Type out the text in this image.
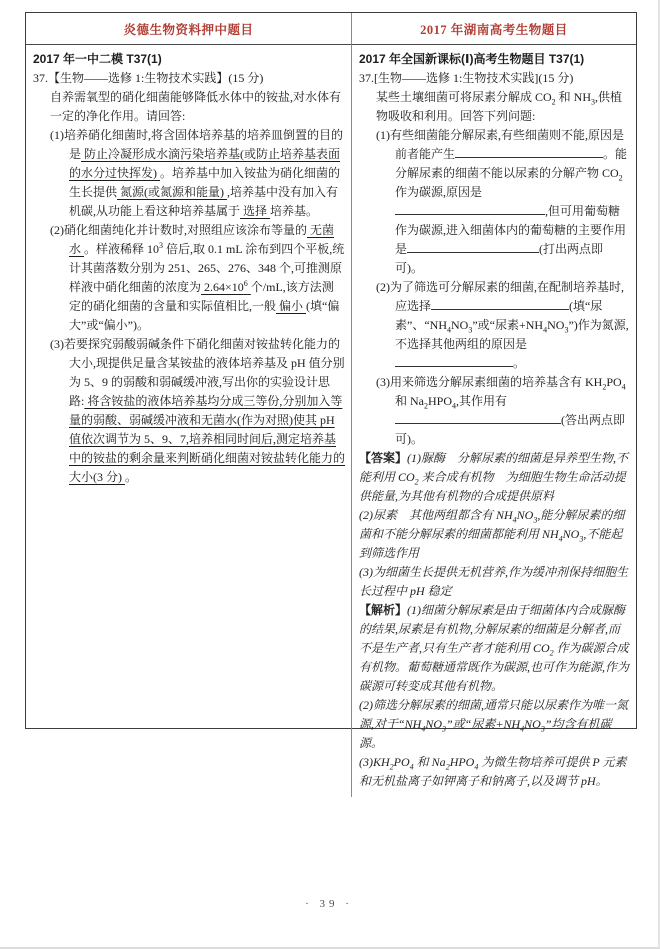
炎德生物资料押中题目	2017 年湖南高考生物题目
2017 年一中二模 T37(1)
37.【生物——选修 1:生物技术实践】(15 分)
自养需氧型的硝化细菌能够降低水体中的铵盐,对水体有一定的净化作用。请回答:
(1)培养硝化细菌时,将含固体培养基的培养皿倒置的目的是 防止冷凝形成水滴污染培养基(或防止培养基表面的水分过快挥发) 。培养基中加入铵盐为硝化细菌的生长提供 氮源(或氮源和能量) ,培养基中没有加入有机碳,从功能上看这种培养基属于 选择 培养基。
(2)硝化细菌纯化并计数时,对照组应该涂布等量的 无菌水 。样液稀释 $10^3$ 倍后,取 0.1 mL 涂布到四个平板,统计其菌落数分别为 251、265、276、348 个,可推测原样液中硝化细菌的浓度为 $2.64\times 10^6$ 个/mL,该方法测定的硝化细菌的含量和实际值相比,一般 偏小 (填“偏大”或“偏小”)。
(3)若要探究弱酸弱碱条件下硝化细菌对铵盐转化能力的大小,现提供足量含某铵盐的液体培养基及 pH 值分别为 5、9 的弱酸和弱碱缓冲液,写出你的实验设计思路: 将含铵盐的液体培养基均分成三等份,分别加入等量的弱酸、弱碱缓冲液和无菌水(作为对照)使其 pH 值依次调节为 5、9、7,培养相同时间后,测定培养基中的铵盐的剩余量来判断硝化细菌对铵盐转化能力的大小(3 分) 。
2017 年全国新课标(Ⅰ)高考生物题目 T37(1)
37.[生物——选修 1:生物技术实践](15 分)
某些土壤细菌可将尿素分解成 $CO_2$ 和 $NH_3$,供植物吸收和利用。回答下列问题:
(1)有些细菌能分解尿素,有些细菌则不能,原因是前者能产生	。能分解尿素的细菌不能以尿素的分解产物 $CO_2$ 作为碳源,原因是,但可用葡萄糖作为碳源,进入细菌体内的葡萄糖的主要作用是	(打出两点即可)。
(2)为了筛选可分解尿素的细菌,在配制培养基时,应选择	(填“尿素”、“$NH_4NO_3$”或“尿素$+NH_4NO_3$”)作为氮源,不选择其他两组的原因是。
(3)用来筛选分解尿素细菌的培养基含有 $KH_2PO_4$ 和 $Na_2HPO_4$,其作用有(答出两点即可)。
【答案】(1)脲酶　分解尿素的细菌是异养型生物,不能利用 $CO_2$ 来合成有机物　为细胞生物生命活动提供能量,为其他有机物的合成提供原料
(2)尿素　其他两组都含有 $NH_4NO_3$,能分解尿素的细菌和不能分解尿素的细菌都能利用 $NH_4NO_3$,不能起到筛选作用
(3)为细菌生长提供无机营养,作为缓冲剂保持细胞生长过程中 pH 稳定
【解析】(1)细菌分解尿素是由于细菌体内合成脲酶的结果,尿素是有机物,分解尿素的细菌是分解者,而不是生产者,只有生产者才能利用 $CO_2$ 作为碳源合成有机物。葡萄糖通常既作为碳源,也可作为能源,作为碳源可转变成其他有机物。
(2)筛选分解尿素的细菌,通常只能以尿素作为唯一氮源,对于“$NH_4NO_3$”或“尿素$+NH_4NO_3$”均含有机碳源。
$(3)KH_2PO_4$ 和 $Na_2HPO_4$ 为微生物培养可提供 P 元素和无机盐离子如钾离子和钠离子,以及调节 pH。
· 39 ·
